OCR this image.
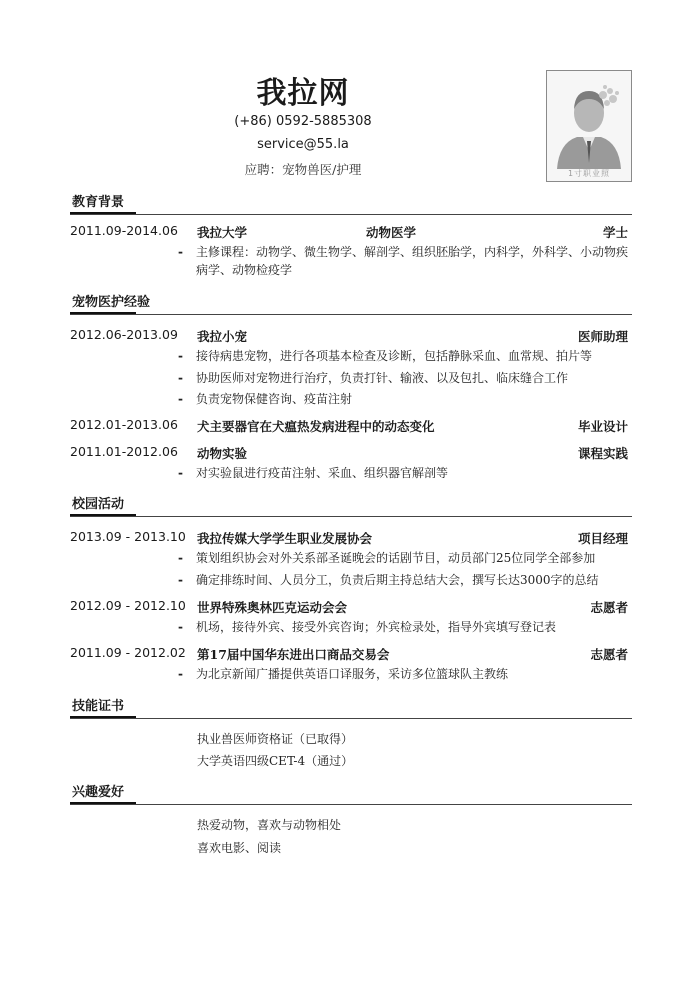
我拉网
(+86) 0592-5885308
service@55.la
应聘：宠物兽医/护理	1寸职业照
教育背景
2011.09-2014.06 我拉大学	动物医学	学士
-	主修课程：动物学、微生物学、解剖学、组织胚胎学，内科学，外科学、小动物疾病学、动物检疫学
宠物医护经验
2012.06-2013.09 我拉小宠	医师助理
-	接待病患宠物，进行各项基本检查及诊断，包括静脉采血、血常规、拍片等
-	协助医师对宠物进行治疗，负责打针、输液、以及包扎、临床缝合工作
-	负责宠物保健咨询、疫苗注射
2012.01-2013.06 犬主要器官在犬瘟热发病进程中的动态变化	毕业设计
2011.01-2012.06 动物实验	课程实践
-	对实验鼠进行疫苗注射、采血、组织器官解剖等
校园活动
2013.09 - 2013.10 我拉传媒大学学生职业发展协会	项目经理
-	策划组织协会对外关系部圣诞晚会的话剧节目，动员部门25位同学全部参加
-	确定排练时间、人员分工，负责后期主持总结大会，撰写长达3000字的总结
2012.09 - 2012.10 世界特殊奥林匹克运动会会	志愿者
-	机场，接待外宾、接受外宾咨询；外宾检录处，指导外宾填写登记表
2011.09 - 2012.02 第17届中国华东进出口商品交易会	志愿者
-	为北京新闻广播提供英语口译服务，采访多位篮球队主教练
技能证书
执业兽医师资格证（已取得）
大学英语四级CET-4（通过）
兴趣爱好
热爱动物，喜欢与动物相处
喜欢电影、阅读
